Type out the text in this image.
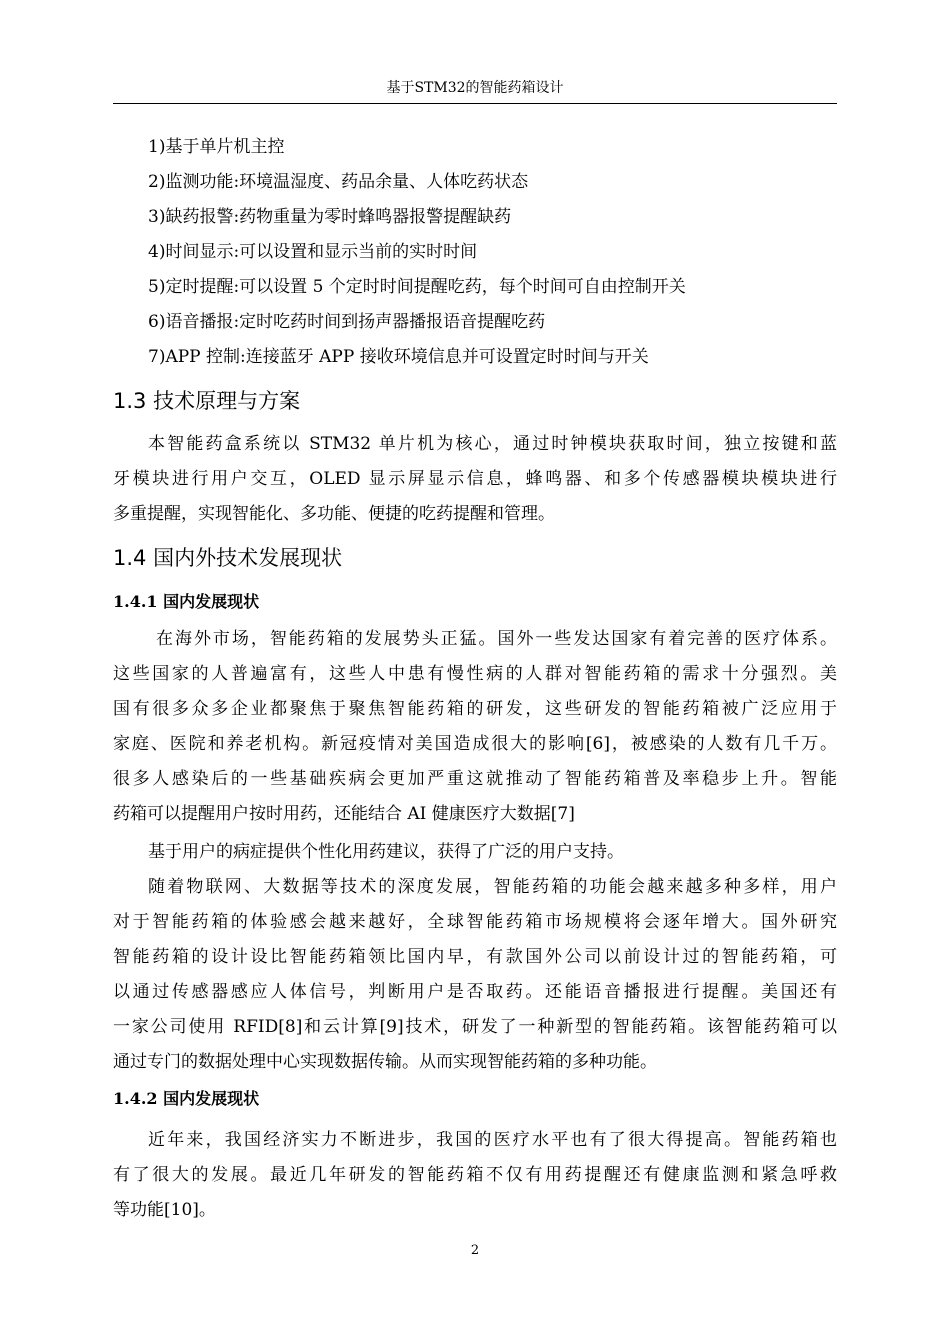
基于STM32的智能药箱设计
1)基于单片机主控
2)监测功能:环境温湿度、药品余量、人体吃药状态
3)缺药报警:药物重量为零时蜂鸣器报警提醒缺药
4)时间显示:可以设置和显示当前的实时时间
5)定时提醒:可以设置 5 个定时时间提醒吃药，每个时间可自由控制开关
6)语音播报:定时吃药时间到扬声器播报语音提醒吃药
7)APP 控制:连接蓝牙 APP 接收环境信息并可设置定时时间与开关
1.3 技术原理与方案
本智能药盒系统以 STM32 单片机为核心，通过时钟模块获取时间，独立按键和蓝
牙模块进行用户交互，OLED 显示屏显示信息，蜂鸣器、和多个传感器模块模块进行
多重提醒，实现智能化、多功能、便捷的吃药提醒和管理。
1.4 国内外技术发展现状
1.4.1 国内发展现状
在海外市场，智能药箱的发展势头正猛。国外一些发达国家有着完善的医疗体系。
这些国家的人普遍富有，这些人中患有慢性病的人群对智能药箱的需求十分强烈。美
国有很多众多企业都聚焦于聚焦智能药箱的研发，这些研发的智能药箱被广泛应用于
家庭、医院和养老机构。新冠疫情对美国造成很大的影响[6]，被感染的人数有几千万。
很多人感染后的一些基础疾病会更加严重这就推动了智能药箱普及率稳步上升。智能
药箱可以提醒用户按时用药，还能结合 AI 健康医疗大数据[7]
基于用户的病症提供个性化用药建议，获得了广泛的用户支持。
随着物联网、大数据等技术的深度发展，智能药箱的功能会越来越多种多样，用户
对于智能药箱的体验感会越来越好，全球智能药箱市场规模将会逐年增大。国外研究
智能药箱的设计设比智能药箱领比国内早，有款国外公司以前设计过的智能药箱，可
以通过传感器感应人体信号，判断用户是否取药。还能语音播报进行提醒。美国还有
一家公司使用 RFID[8]和云计算[9]技术，研发了一种新型的智能药箱。该智能药箱可以
通过专门的数据处理中心实现数据传输。从而实现智能药箱的多种功能。
1.4.2 国内发展现状
近年来，我国经济实力不断进步，我国的医疗水平也有了很大得提高。智能药箱也
有了很大的发展。最近几年研发的智能药箱不仅有用药提醒还有健康监测和紧急呼救
等功能[10]。
2
